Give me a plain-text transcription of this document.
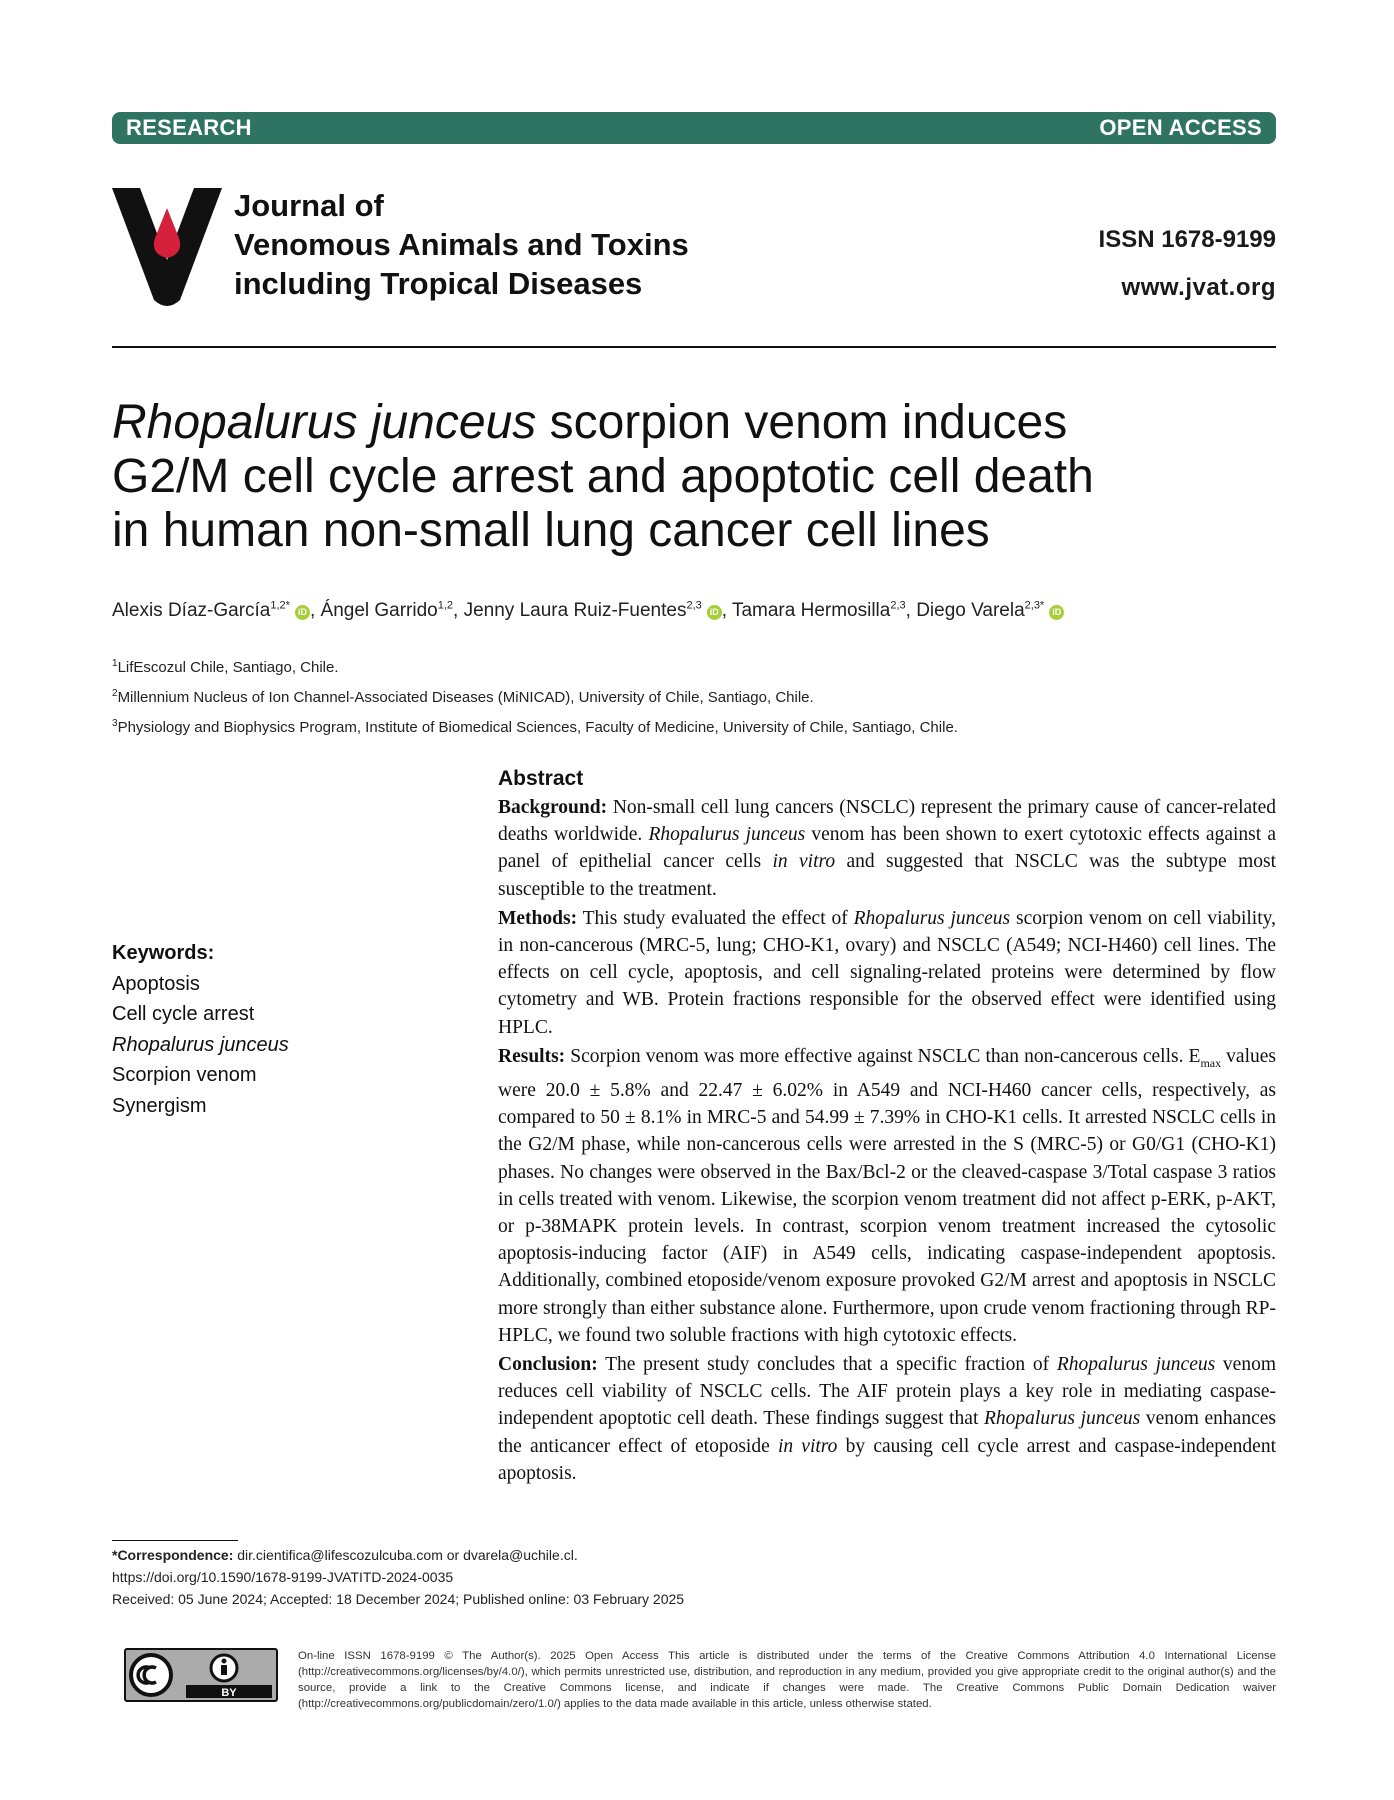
RESEARCH	OPEN ACCESS
Journal of
Venomous Animals and Toxins
including Tropical Diseases
ISSN 1678-9199
www.jvat.org
Rhopalurus junceus scorpion venom induces
G2/M cell cycle arrest and apoptotic cell death
in human non-small lung cancer cell lines
Alexis Díaz-García$^{1,2*}$iD , Ángel Garrido$^{1,2}$, Jenny Laura Ruiz-Fuentes$^{2,3}$iD , Tamara Hermosilla$^{2,3}$, Diego Varela$^{2,3*}$iD
$^1$LifEscozul Chile, Santiago, Chile.
$^2$Millennium Nucleus of Ion Channel-Associated Diseases (MiNICAD), University of Chile, Santiago, Chile.
$^3$Physiology and Biophysics Program, Institute of Biomedical Sciences, Faculty of Medicine, University of Chile, Santiago, Chile.
Keywords:
Apoptosis
Cell cycle arrest
Rhopalurus junceus
Scorpion venom
Synergism
Abstract

Background: Non-small cell lung cancers (NSCLC) represent the primary cause of cancer-related deaths worldwide. Rhopalurus junceus venom has been shown to exert cytotoxic effects against a panel of epithelial cancer cells in vitro and suggested that NSCLC was the subtype most susceptible to the treatment.

Methods: This study evaluated the effect of Rhopalurus junceus scorpion venom on cell viability, in non-cancerous (MRC-5, lung; CHO-K1, ovary) and NSCLC (A549; NCI-H460) cell lines. The effects on cell cycle, apoptosis, and cell signaling-related proteins were determined by flow cytometry and WB. Protein fractions responsible for the observed effect were identified using HPLC.

Results: Scorpion venom was more effective against NSCLC than non-cancerous cells. $E_{max}$ values were 20.0 ± 5.8% and 22.47 ± 6.02% in A549 and NCI-H460 cancer cells, respectively, as compared to 50 ± 8.1% in MRC-5 and 54.99 ± 7.39% in CHO-K1 cells. It arrested NSCLC cells in the G2/M phase, while non-cancerous cells were arrested in the S (MRC-5) or G0/G1 (CHO-K1) phases. No changes were observed in the Bax/Bcl-2 or the cleaved-caspase 3/Total caspase 3 ratios in cells treated with venom. Likewise, the scorpion venom treatment did not affect p-ERK, p-AKT, or p-38MAPK protein levels. In contrast, scorpion venom treatment increased the cytosolic apoptosis-inducing factor (AIF) in A549 cells, indicating caspase-independent apoptosis. Additionally, combined etoposide/venom exposure provoked G2/M arrest and apoptosis in NSCLC more strongly than either substance alone. Furthermore, upon crude venom fractioning through RP-HPLC, we found two soluble fractions with high cytotoxic effects.

Conclusion: The present study concludes that a specific fraction of Rhopalurus junceus venom reduces cell viability of NSCLC cells. The AIF protein plays a key role in mediating caspase-independent apoptotic cell death. These findings suggest that Rhopalurus junceus venom enhances the anticancer effect of etoposide in vitro by causing cell cycle arrest and caspase-independent apoptosis.

*Correspondence: dir.cientifica@lifescozulcuba.com or dvarela@uchile.cl.
https://doi.org/10.1590/1678-9199-JVATITD-2024-0035
Received: 05 June 2024; Accepted: 18 December 2024; Published online: 03 February 2025
BY
On-line ISSN 1678-9199 © The Author(s). 2025 Open Access This article is distributed under the terms of the Creative Commons Attribution 4.0 International License (http://creativecommons.org/licenses/by/4.0/), which permits unrestricted use, distribution, and reproduction in any medium, provided you give appropriate credit to the original author(s) and the source, provide a link to the Creative Commons license, and indicate if changes were made. The Creative Commons Public Domain Dedication waiver (http://creativecommons.org/publicdomain/zero/1.0/) applies to the data made available in this article, unless otherwise stated.
